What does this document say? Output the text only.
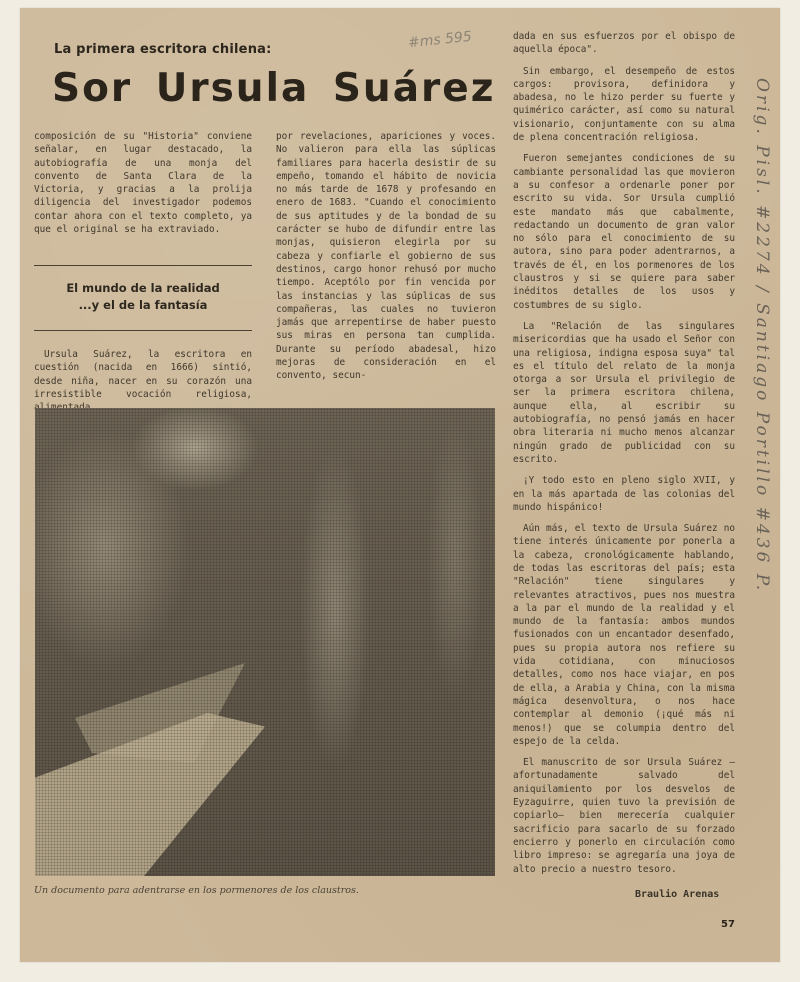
La primera escritora chilena:	#ms 595
Sor Ursula Suárez

composición de su "Historia" conviene señalar, en lugar destacado, la autobiografía de una monja del convento de Santa Clara de la Victoria, y gracias a la prolija diligencia del investigador podemos contar ahora con el texto completo, ya que el original se ha extraviado.

El mundo de la realidad
...y el de la fantasía

Ursula Suárez, la escritora en cuestión (nacida en 1666) sintió, desde niña, nacer en su corazón una irresistible vocación religiosa,

por revelaciones, apariciones y voces. No valieron para ella las súplicas familiares para hacerla desistir de su empeño, tomando el hábito de novicia no más tarde de 1678 y profesando en enero de 1683. "Cuando el conocimiento de sus aptitudes y de la bondad de su carácter se hubo de difundir entre las monjas, quisieron elegirla por su cabeza y confiarle el gobierno de sus destinos, cargo honor rehusó por mucho tiempo. Aceptólo por fin vencida por las instancias y las súplicas de sus compañeras, las cuales no tuvieron jamás que arrepentirse de haber puesto sus miras en persona tan cumplida. Durante su período abadesal, hizo mejoras de consideración en el convento, secun-

dada en sus esfuerzos por el obispo de aquella época".

Sin embargo, el desempeño de estos cargos: provisora, definidora y abadesa, no le hizo perder su fuerte y quimérico carácter, así como su natural visionario, conjuntamente con su alma de plena concentración religiosa.

Fueron semejantes condiciones de su cambiante personalidad las que movieron a su confesor a ordenarle poner por escrito su vida. Sor Ursula cumplió este mandato más que cabalmente, redactando un documento de gran valor no sólo para el conocimiento de su autora, sino para poder adentrarnos, a través de él, en los pormenores de los claustros y si se quiere para saber inéditos detalles de los usos y costumbres de su siglo.

La "Relación de las singulares misericordias que ha usado el Señor con una religiosa, indigna esposa suya" tal es el título del relato de la monja otorga a sor Ursula el privilegio de ser la primera escritora chilena, aunque ella, al escribir su autobiografía, no pensó jamás en hacer obra literaria ni mucho menos alcanzar ningún grado de publicidad con su escrito.

¡Y todo esto en pleno siglo XVII, y en la más apartada de las colonias del mundo hispánico!

Aún más, el texto de Ursula Suárez no tiene interés únicamente por ponerla a la cabeza, cronológicamente hablando, de todas las escritoras del país; esta "Relación" tiene singulares y relevantes atractivos, pues nos muestra a la par el mundo de la realidad y el mundo de la fantasía: ambos mundos fusionados con un encantador desenfado, pues su propia autora nos refiere su vida cotidiana, con minuciosos detalles, como nos hace viajar, en pos de ella, a Arabia y China, con la misma mágica desenvoltura, o nos hace contemplar al demonio (¡qué más ni menos!) que se columpia dentro del espejo de la celda.

El manuscrito de sor Ursula Suárez —afortunadamente salvado del aniquilamiento por los desvelos de Eyzaguirre, quien tuvo la previsión de copiarlo— bien merecería cualquier sacrificio para sacarlo de su forzado encierro y ponerlo en circulación como libro impreso: se agregaría una joya de alto precio a nuestro tesoro.

Un documento para adentrarse en los pormenores de los claustros.	Braulio Arenas
57
Orig. Pisl. #2274 / Santiago Portillo #436 P.
